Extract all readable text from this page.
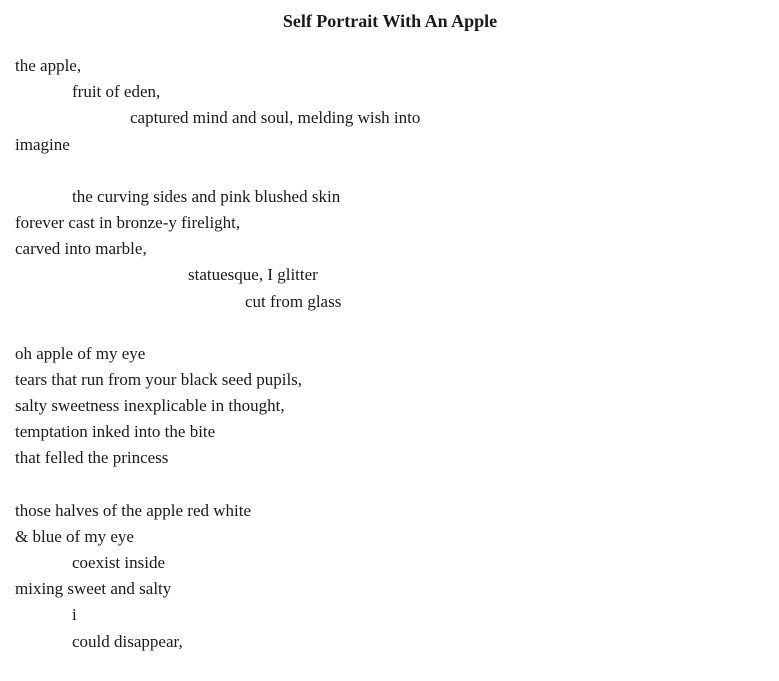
Self Portrait With An Apple
the apple,
fruit of eden,
captured mind and soul, melding wish into
imagine
the curving sides and pink blushed skin
forever cast in bronze-y firelight,
carved into marble,
statuesque, I glitter
cut from glass
oh apple of my eye
tears that run from your black seed pupils,
salty sweetness inexplicable in thought,
temptation inked into the bite
that felled the princess
those halves of the apple red white
& blue of my eye
coexist inside
mixing sweet and salty
i
could disappear,
